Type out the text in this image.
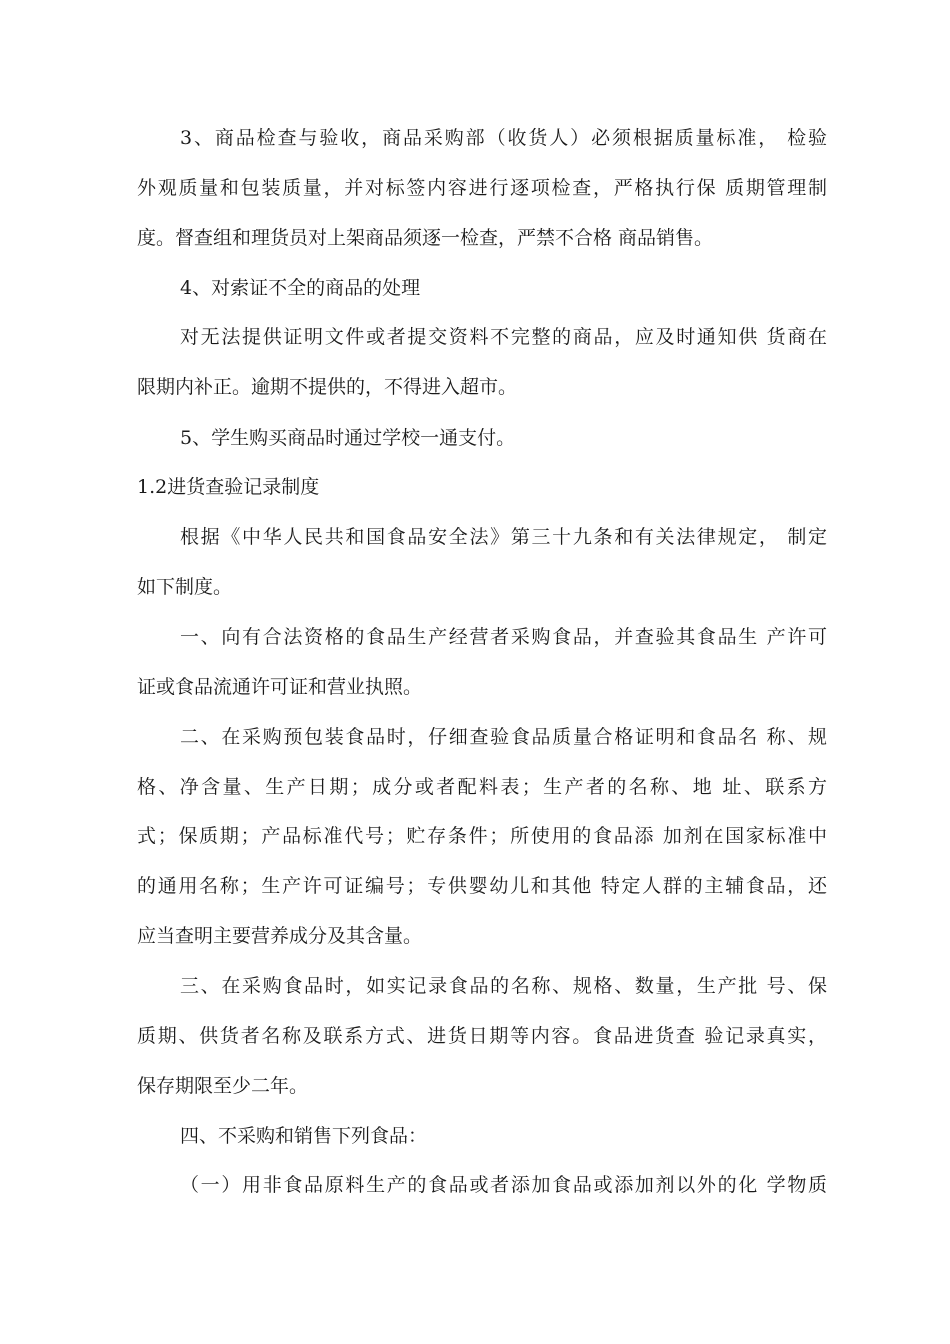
3、商品检查与验收，商品采购部（收货人）必须根据质量标准， 检验
外观质量和包装质量，并对标签内容进行逐项检查，严格执行保 质期管理制
度。督查组和理货员对上架商品须逐一检查，严禁不合格 商品销售。
4、对索证不全的商品的处理
对无法提供证明文件或者提交资料不完整的商品，应及时通知供 货商在
限期内补正。逾期不提供的，不得进入超市。
5、学生购买商品时通过学校一通支付。
1.2进货查验记录制度
根据《中华人民共和国食品安全法》第三十九条和有关法律规定， 制定
如下制度。
一、向有合法资格的食品生产经营者采购食品，并查验其食品生 产许可
证或食品流通许可证和营业执照。
二、在采购预包装食品时，仔细查验食品质量合格证明和食品名 称、规
格、净含量、生产日期；成分或者配料表；生产者的名称、地 址、联系方
式；保质期；产品标准代号；贮存条件；所使用的食品添 加剂在国家标准中
的通用名称；生产许可证编号；专供婴幼儿和其他 特定人群的主辅食品，还
应当查明主要营养成分及其含量。
三、在采购食品时，如实记录食品的名称、规格、数量，生产批 号、保
质期、供货者名称及联系方式、进货日期等内容。食品进货查 验记录真实，
保存期限至少二年。
四、不采购和销售下列食品：
（一）用非食品原料生产的食品或者添加食品或添加剂以外的化 学物质
